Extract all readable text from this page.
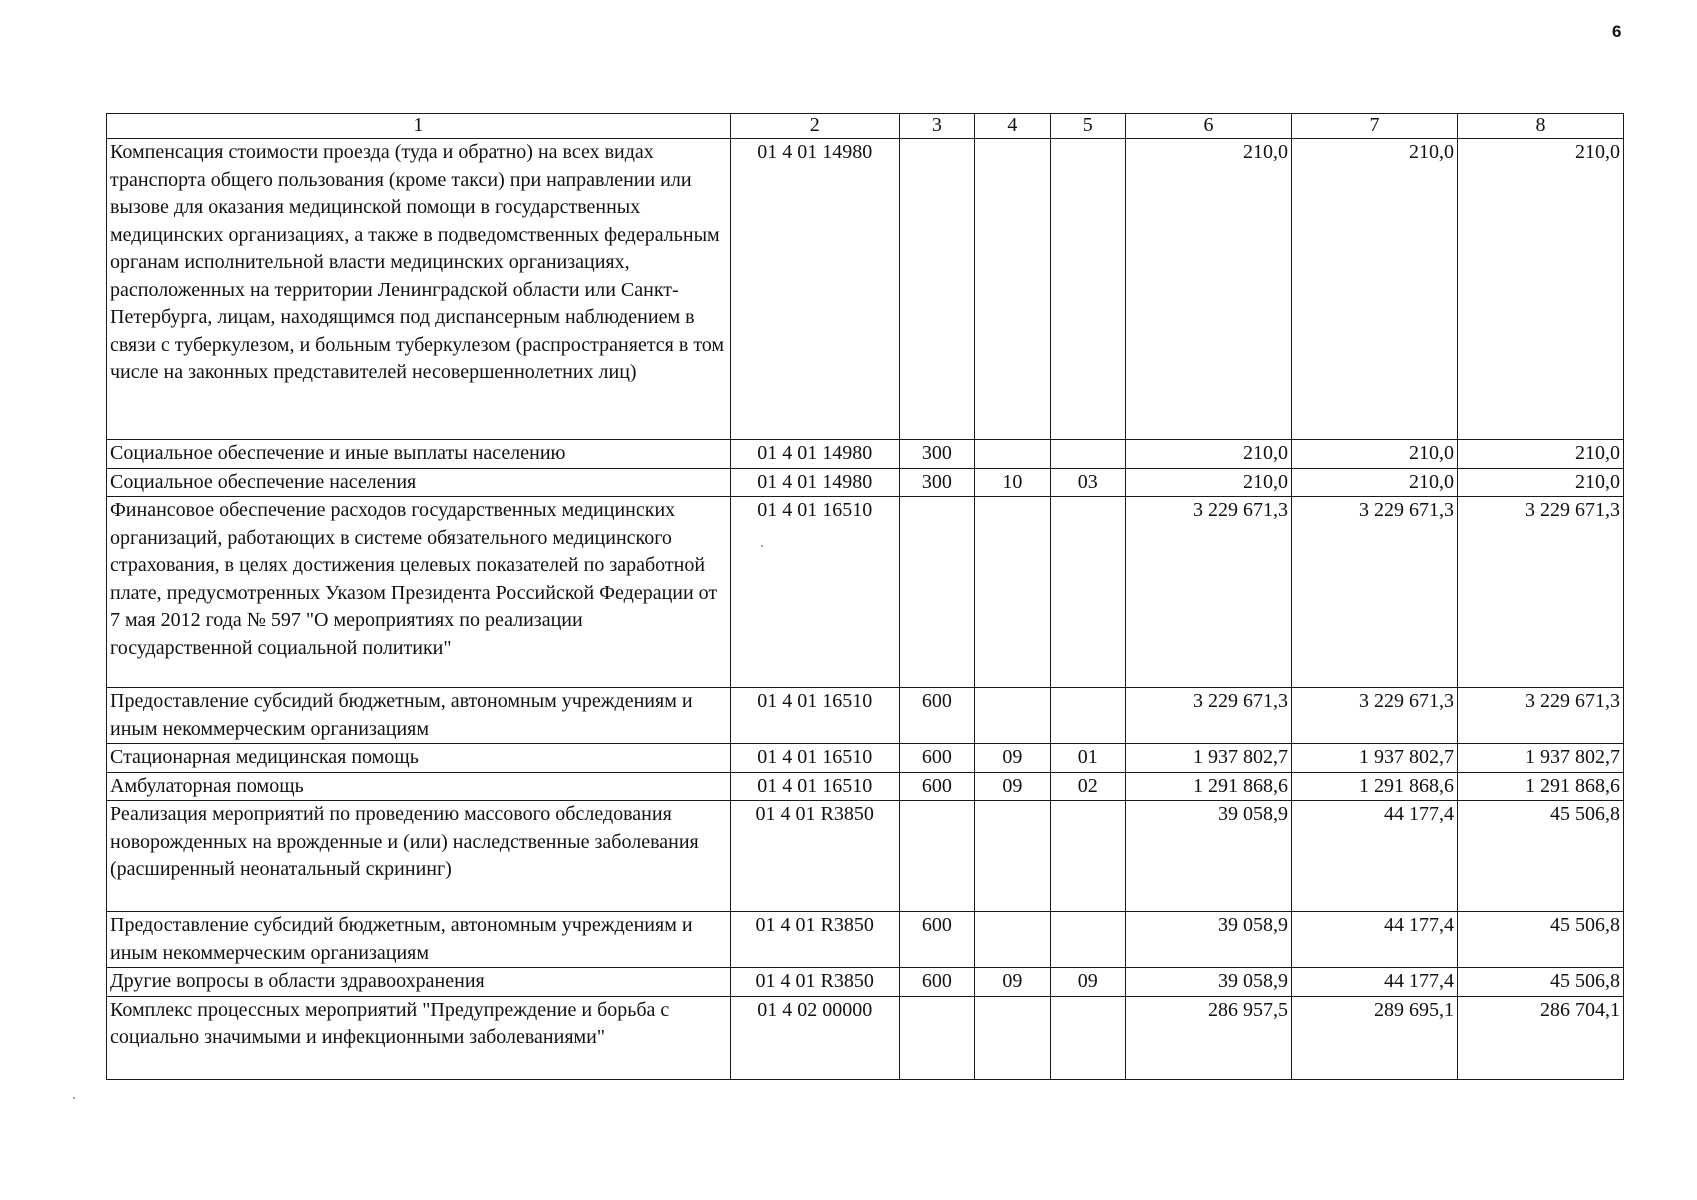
6
1	2	3	4	5	6	7	8
Компенсация стоимости проезда (туда и обратно) на всех видах транспорта общего пользования (кроме такси) при направлении или вызове для оказания медицинской помощи в государственных медицинских организациях, а также в подведомственных федеральным органам исполнительной власти медицинских организациях, расположенных на территории Ленинградской области или Санкт-Петербурга, лицам, находящимся под диспансерным наблюдением в связи с туберкулезом, и больным туберкулезом (распространяется в том числе на законных представителей несовершеннолетних лиц)	01 4 01 14980				210,0	210,0	210,0
Социальное обеспечение и иные выплаты населению	01 4 01 14980	300			210,0	210,0	210,0
Социальное обеспечение населения	01 4 01 14980	300	10	03	210,0	210,0	210,0
Финансовое обеспечение расходов государственных медицинских организаций, работающих в системе обязательного медицинского страхования, в целях достижения целевых показателей по заработной плате, предусмотренных Указом Президента Российской Федерации от 7 мая 2012 года № 597 "О мероприятиях по реализации государственной социальной политики"	01 4 01 16510				3 229 671,3	3 229 671,3	3 229 671,3
Предоставление субсидий бюджетным, автономным учреждениям и иным некоммерческим организациям	01 4 01 16510	600			3 229 671,3	3 229 671,3	3 229 671,3
Стационарная медицинская помощь	01 4 01 16510	600	09	01	1 937 802,7	1 937 802,7	1 937 802,7
Амбулаторная помощь	01 4 01 16510	600	09	02	1 291 868,6	1 291 868,6	1 291 868,6
Реализация мероприятий по проведению массового обследования новорожденных на врожденные и (или) наследственные заболевания (расширенный неонатальный скрининг)	01 4 01 R3850				39 058,9	44 177,4	45 506,8
Предоставление субсидий бюджетным, автономным учреждениям и иным некоммерческим организациям	01 4 01 R3850	600			39 058,9	44 177,4	45 506,8
Другие вопросы в области здравоохранения	01 4 01 R3850	600	09	09	39 058,9	44 177,4	45 506,8
Комплекс процессных мероприятий "Предупреждение и борьба с социально значимыми и инфекционными заболеваниями"	01 4 02 00000				286 957,5	289 695,1	286 704,1
